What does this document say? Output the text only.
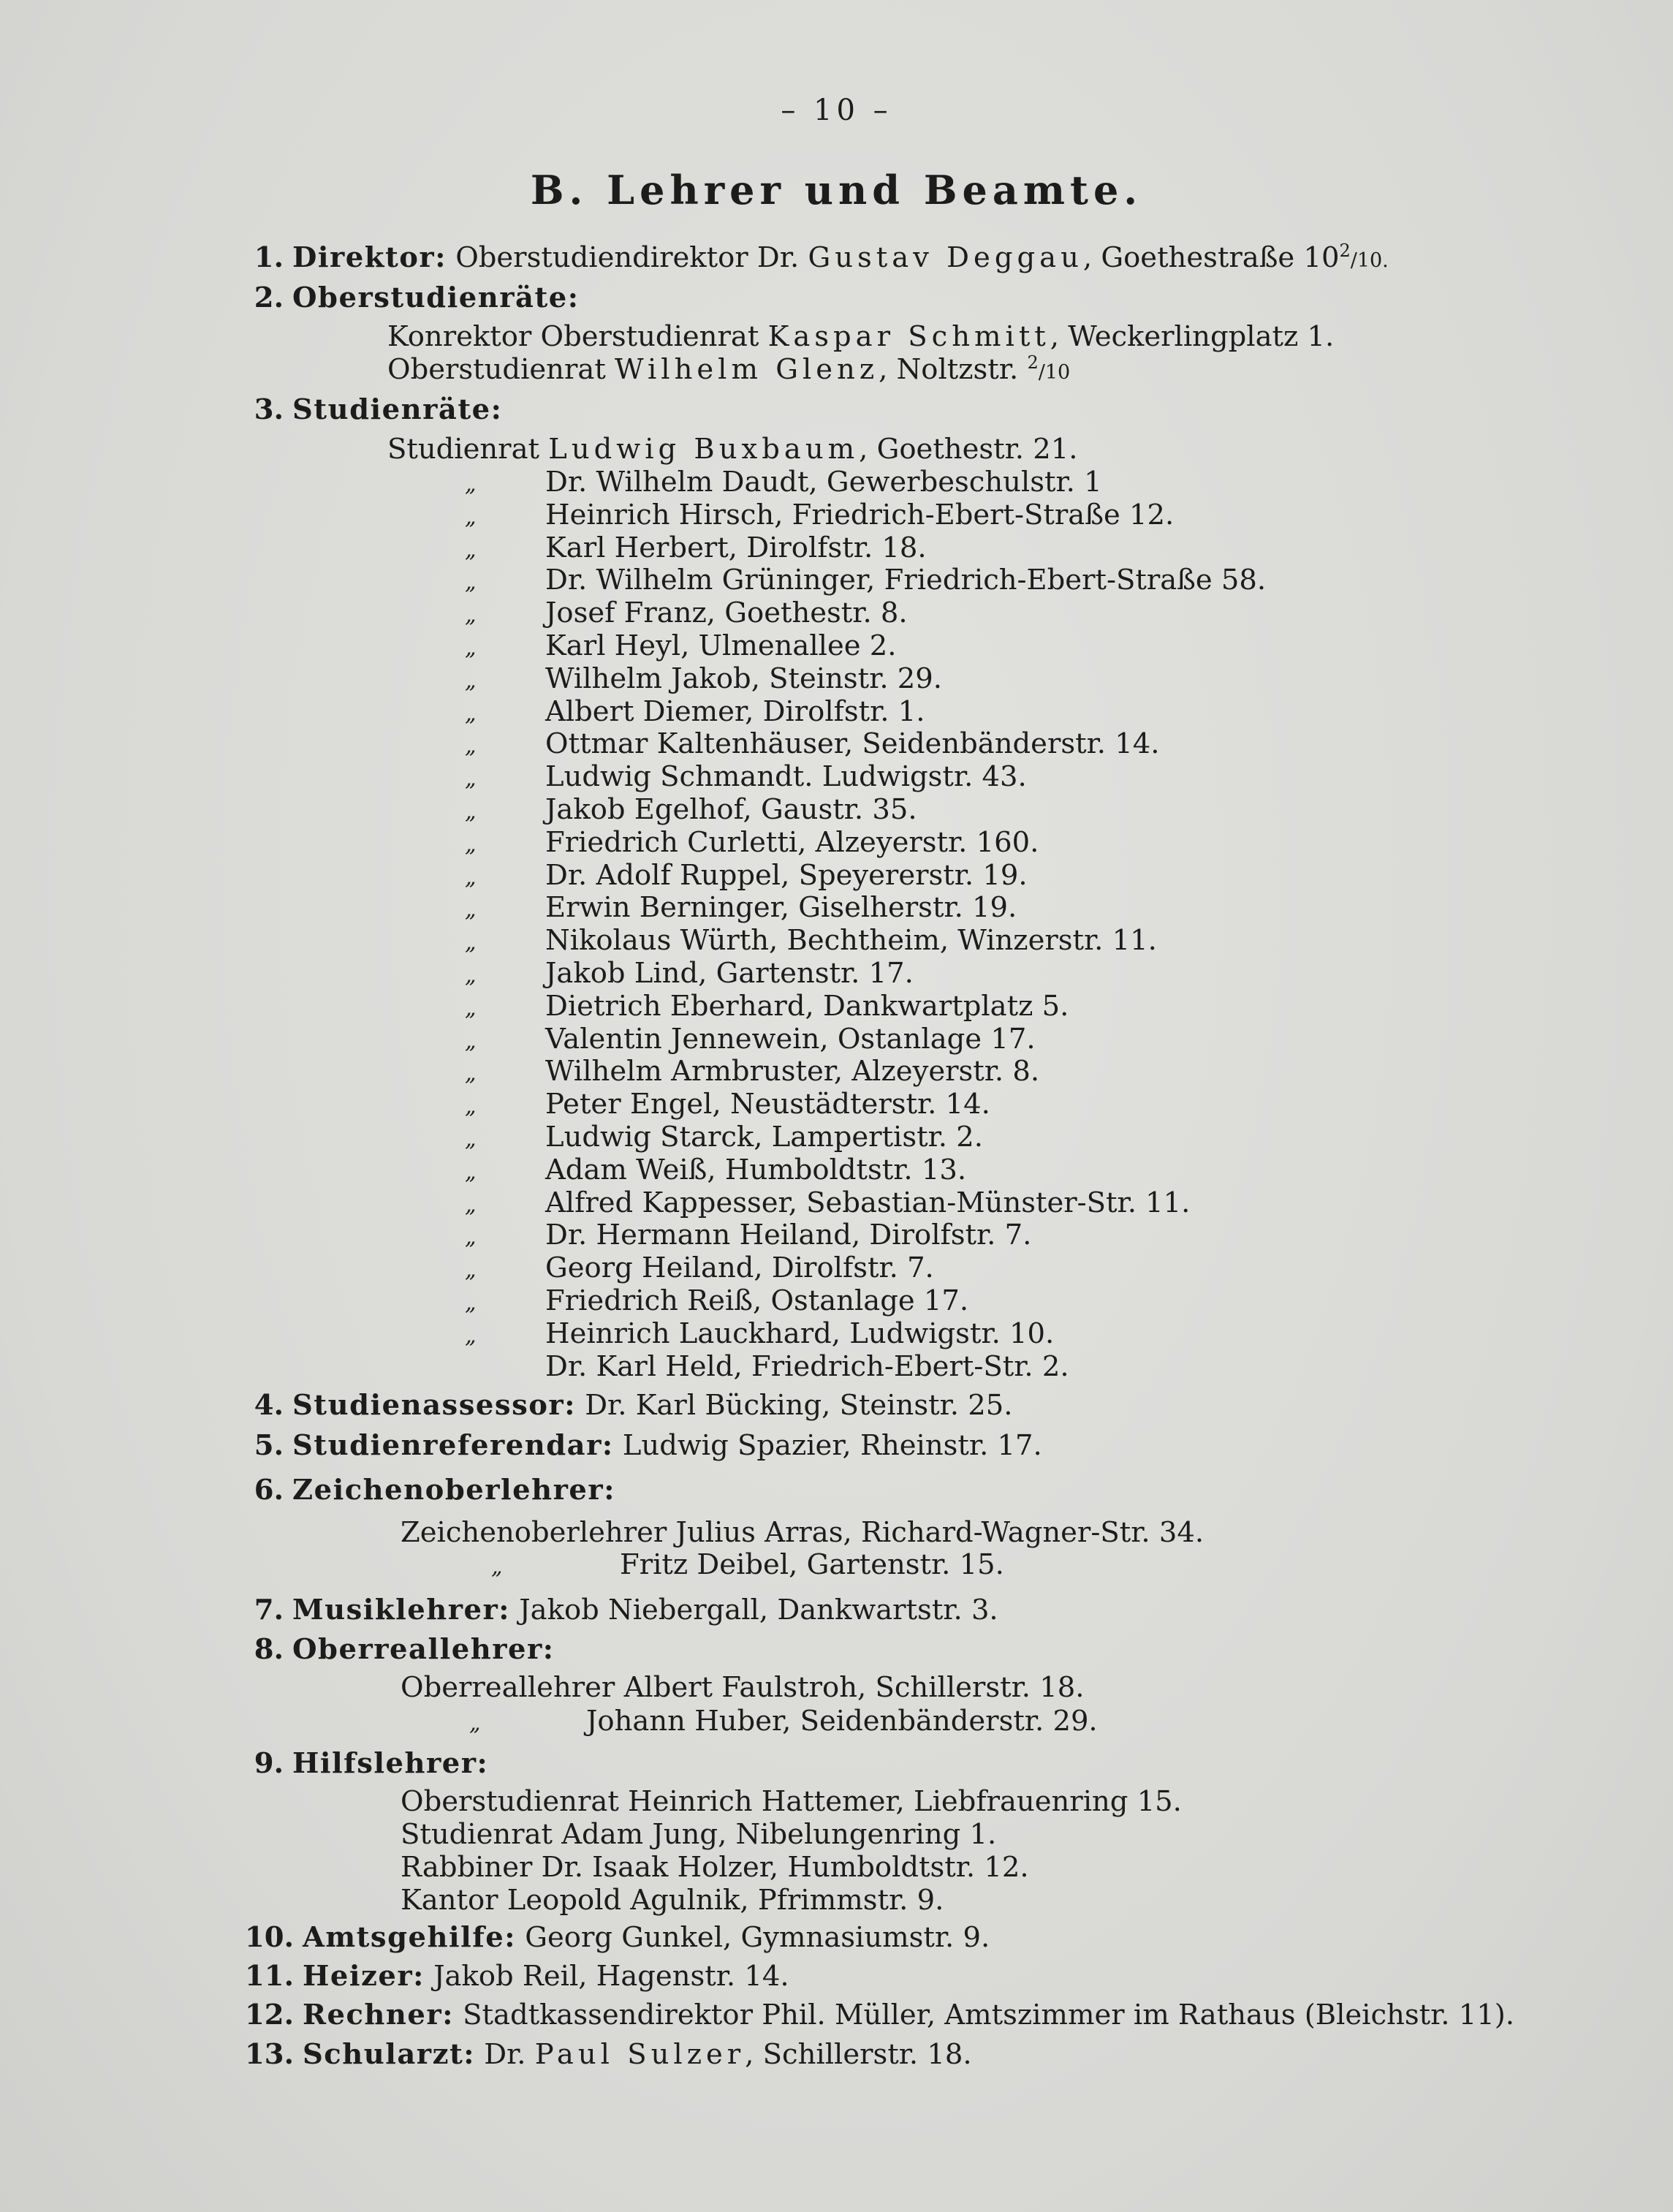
– 10 –
B. Lehrer und Beamte.
1. Direktor: Oberstudiendirektor Dr. Gustav Deggau, Goethestraße $10^2/10$.
2. Oberstudienräte:
Konrektor Oberstudienrat Kaspar Schmitt, Weckerlingplatz 1.
Oberstudienrat Wilhelm Glenz, Noltzstr. $^2$/10
3. Studienräte:
Studienrat Ludwig Buxbaum, Goethestr. 21.
„ Dr. Wilhelm Daudt, Gewerbeschulstr. 1
„ Heinrich Hirsch, Friedrich-Ebert-Straße 12.
„ Karl Herbert, Dirolfstr. 18.
„ Dr. Wilhelm Grüninger, Friedrich-Ebert-Straße 58.
„ Josef Franz, Goethestr. 8.
„ Karl Heyl, Ulmenallee 2.
„ Wilhelm Jakob, Steinstr. 29.
„ Albert Diemer, Dirolfstr. 1.
„ Ottmar Kaltenhäuser, Seidenbänderstr. 14.
„ Ludwig Schmandt. Ludwigstr. 43.
„ Jakob Egelhof, Gaustr. 35.
„ Friedrich Curletti, Alzeyerstr. 160.
„ Dr. Adolf Ruppel, Speyererstr. 19.
„ Erwin Berninger, Giselherstr. 19.
„ Nikolaus Würth, Bechtheim, Winzerstr. 11.
„ Jakob Lind, Gartenstr. 17.
„ Dietrich Eberhard, Dankwartplatz 5.
„ Valentin Jennewein, Ostanlage 17.
„ Wilhelm Armbruster, Alzeyerstr. 8.
„ Peter Engel, Neustädterstr. 14.
„ Ludwig Starck, Lampertistr. 2.
„ Adam Weiß, Humboldtstr. 13.
„ Alfred Kappesser, Sebastian-Münster-Str. 11.
„ Dr. Hermann Heiland, Dirolfstr. 7.
„ Georg Heiland, Dirolfstr. 7.
„ Friedrich Reiß, Ostanlage 17.
„ Heinrich Lauckhard, Ludwigstr. 10.
Dr. Karl Held, Friedrich-Ebert-Str. 2.
4. Studienassessor: Dr. Karl Bücking, Steinstr. 25.
5. Studienreferendar: Ludwig Spazier, Rheinstr. 17.
6. Zeichenoberlehrer:
Zeichenoberlehrer Julius Arras, Richard-Wagner-Str. 34.
„	Fritz Deibel, Gartenstr. 15.
7. Musiklehrer: Jakob Niebergall, Dankwartstr. 3.
8. Oberreallehrer:
Oberreallehrer Albert Faulstroh, Schillerstr. 18.
„	Johann Huber, Seidenbänderstr. 29.
9. Hilfslehrer:
Oberstudienrat Heinrich Hattemer, Liebfrauenring 15.
Studienrat Adam Jung, Nibelungenring 1.
Rabbiner Dr. Isaak Holzer, Humboldtstr. 12.
Kantor Leopold Agulnik, Pfrimmstr. 9.
10. Amtsgehilfe: Georg Gunkel, Gymnasiumstr. 9.
11. Heizer: Jakob Reil, Hagenstr. 14.
12. Rechner: Stadtkassendirektor Phil. Müller, Amtszimmer im Rathaus (Bleichstr. 11).
13. Schularzt: Dr. Paul Sulzer, Schillerstr. 18.
